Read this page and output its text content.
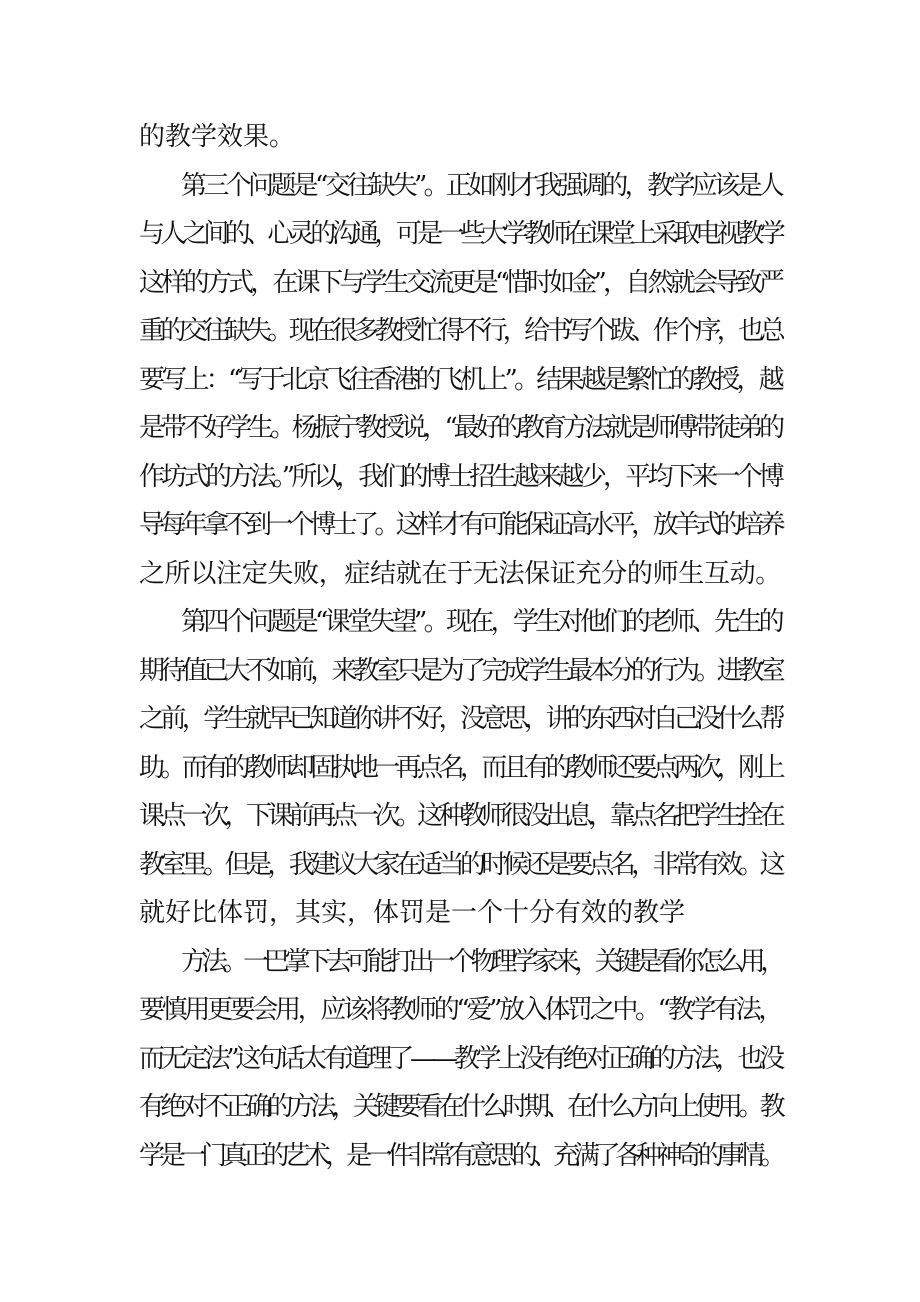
的教学效果。

第三个问题是“交往缺失”。正如刚才我强调的，教学应该是人

与人之间的、心灵的沟通，可是一些大学教师在课堂上采取电视教学

这样的方式，在课下与学生交流更是“惜时如金”，自然就会导致严

重的交往缺失。现在很多教授忙得不行，给书写个跋、作个序，也总

要写上：“写于北京飞往香港的飞机上”。结果越是繁忙的教授，越

是带不好学生。杨振宁教授说，“最好的教育方法就是师傅带徒弟的

作坊式的方法。”所以，我们的博士招生越来越少，平均下来一个博

导每年拿不到一个博士了。这样才有可能保证高水平，放羊式的培养

之所以注定失败，症结就在于无法保证充分的师生互动。

第四个问题是“课堂失望”。现在，学生对他们的老师、先生的

期待值已大不如前，来教室只是为了完成学生最本分的行为。进教室

之前，学生就早已知道你讲不好，没意思，讲的东西对自己没什么帮

助。而有的教师却固执地一再点名，而且有的教师还要点两次，刚上

课点一次，下课前再点一次。这种教师很没出息，靠点名把学生拴在

教室里。但是，我建议大家在适当的时候还是要点名，非常有效。这

就好比体罚，其实，体罚是一个十分有效的教学

方法。一巴掌下去可能打出一个物理学家来，关键是看你怎么用，

要慎用更要会用，应该将教师的“爱”放入体罚之中。“教学有法，

而无定法”这句话太有道理了——教学上没有绝对正确的方法，也没

有绝对不正确的方法，关键要看在什么时期、在什么方向上使用。教

学是一门真正的艺术，是一件非常有意思的、充满了各种神奇的事情。
